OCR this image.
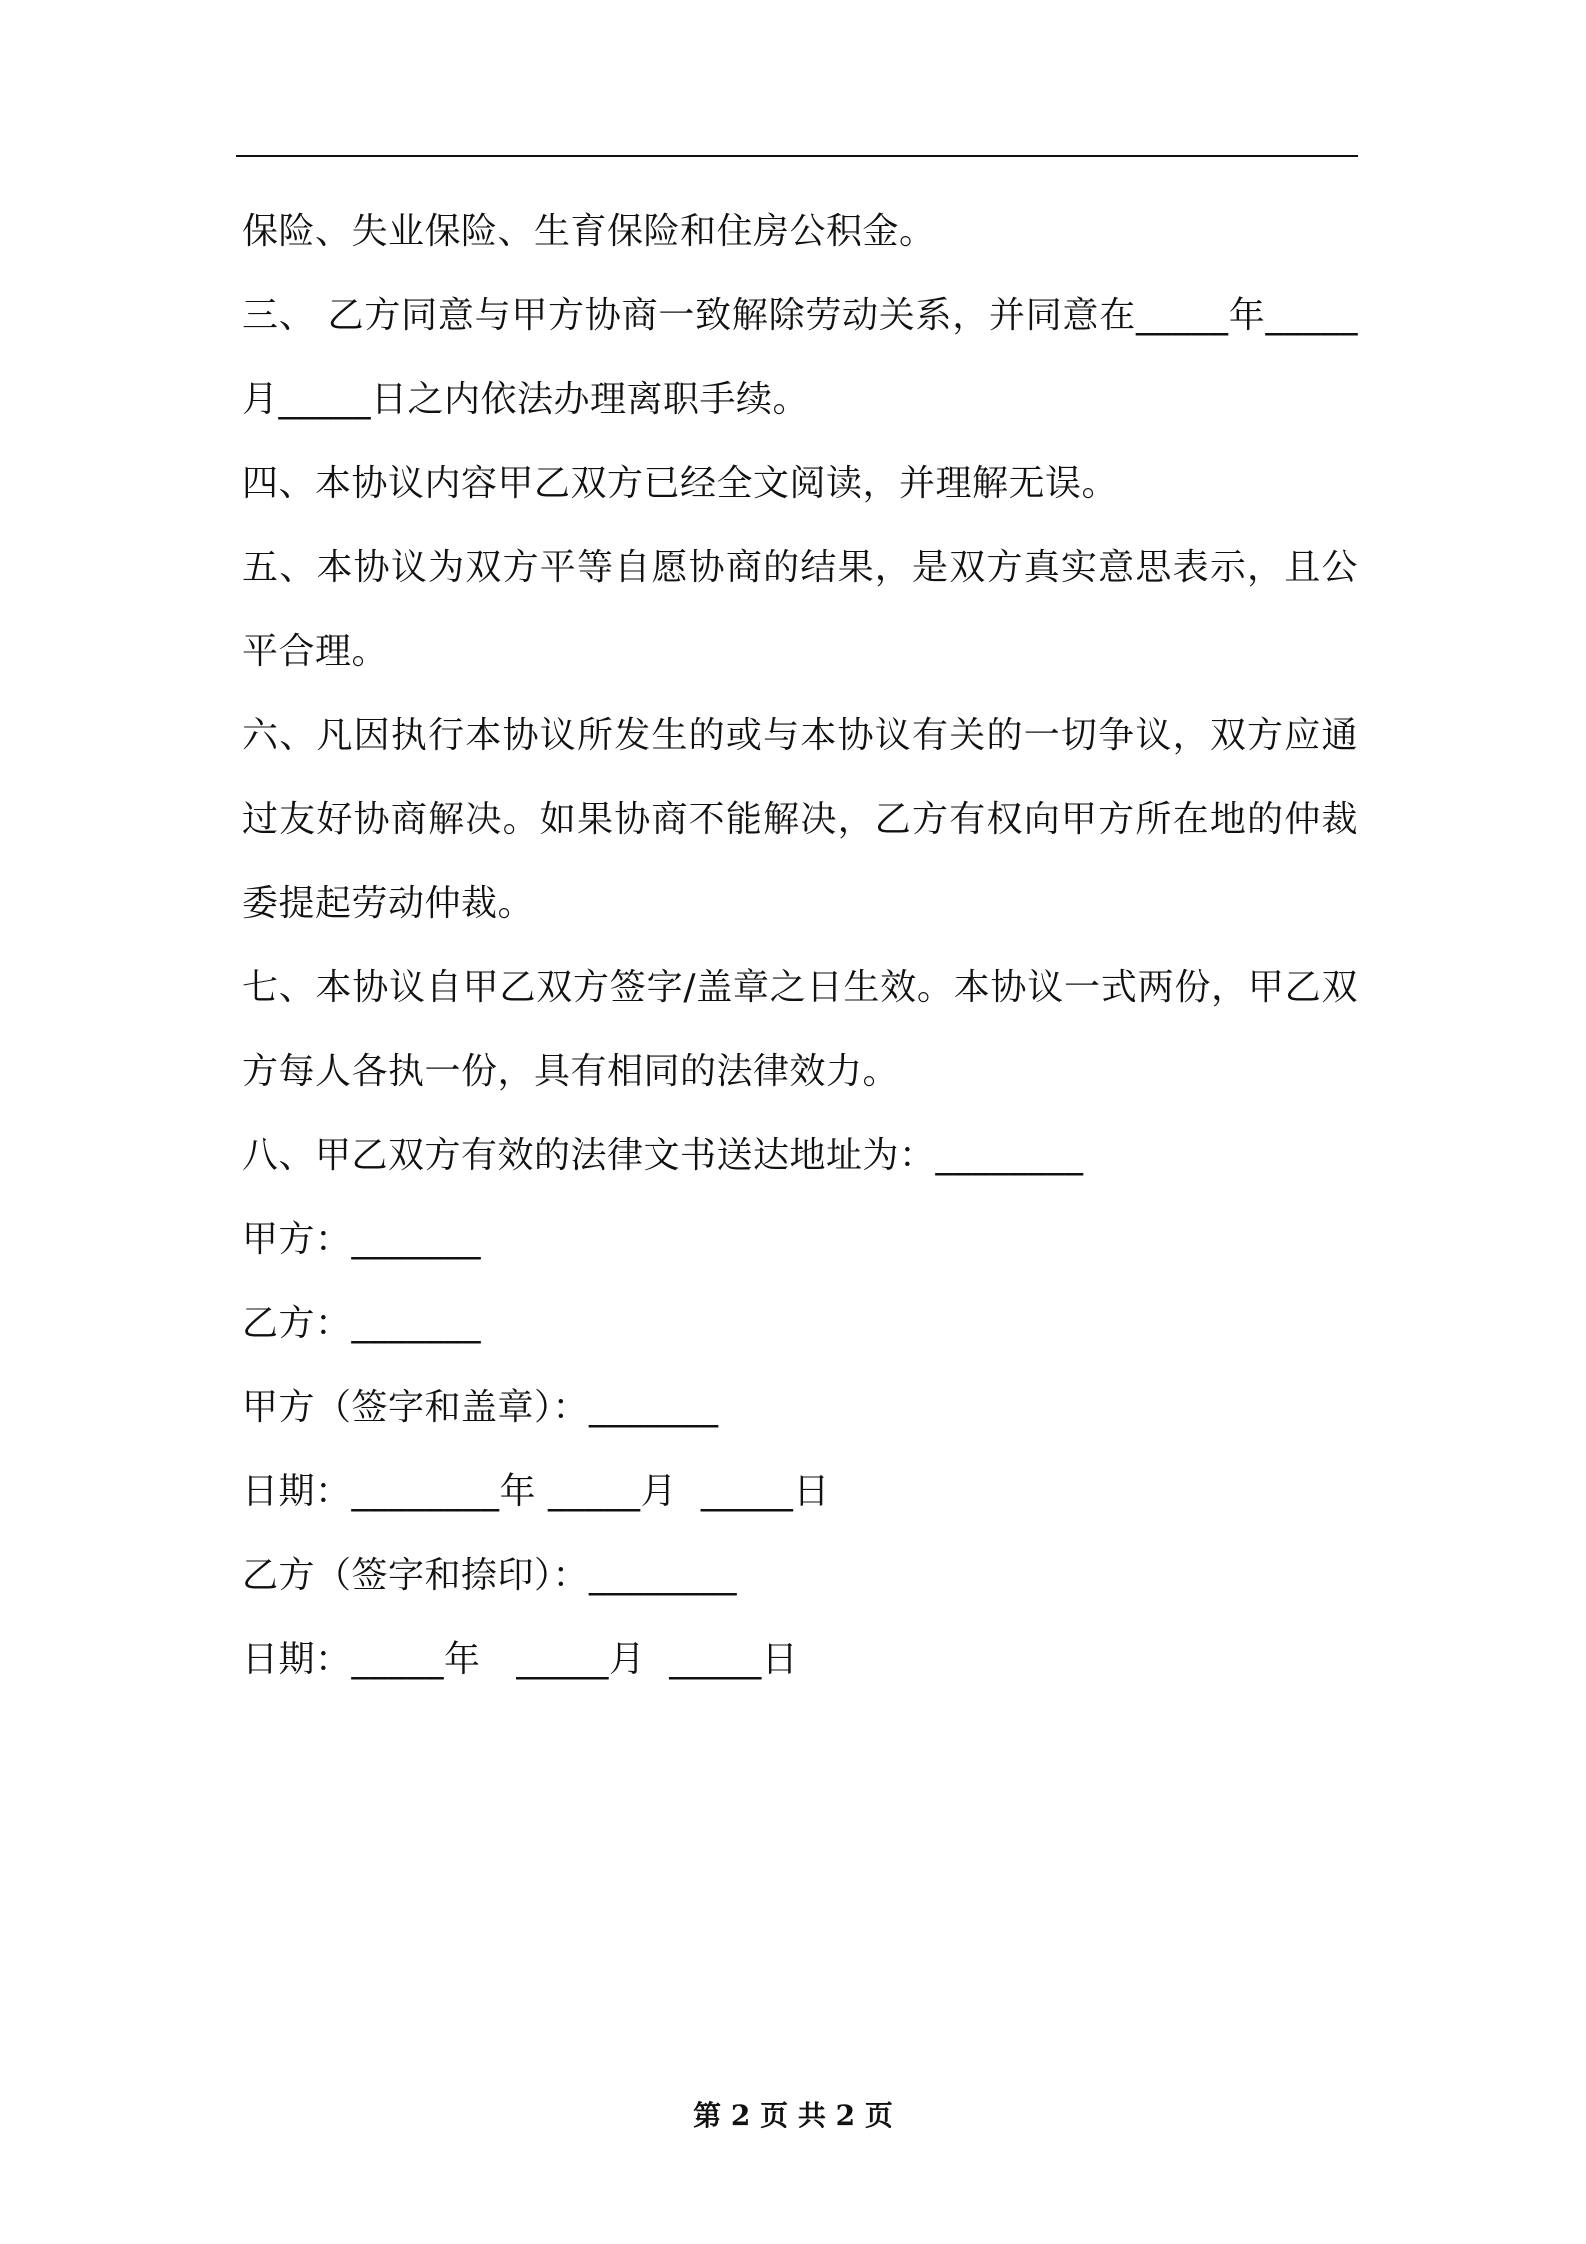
保险、失业保险、生育保险和住房公积金。

三、 乙方同意与甲方协商一致解除劳动关系，并同意在_____年_____月_____日之内依法办理离职手续。

四、本协议内容甲乙双方已经全文阅读，并理解无误。

五、本协议为双方平等自愿协商的结果，是双方真实意思表示，且公平合理。

六、凡因执行本协议所发生的或与本协议有关的一切争议，双方应通过友好协商解决。如果协商不能解决，乙方有权向甲方所在地的仲裁委提起劳动仲裁。

七、本协议自甲乙双方签字/盖章之日生效。本协议一式两份，甲乙双方每人各执一份，具有相同的法律效力。

八、甲乙双方有效的法律文书送达地址为：________

甲方：_______

乙方：_______

甲方（签字和盖章）：_______

日期：________年 _____月  _____日

乙方（签字和捺印）：________

日期：_____年   _____月  _____日

第 2 页 共 2 页
